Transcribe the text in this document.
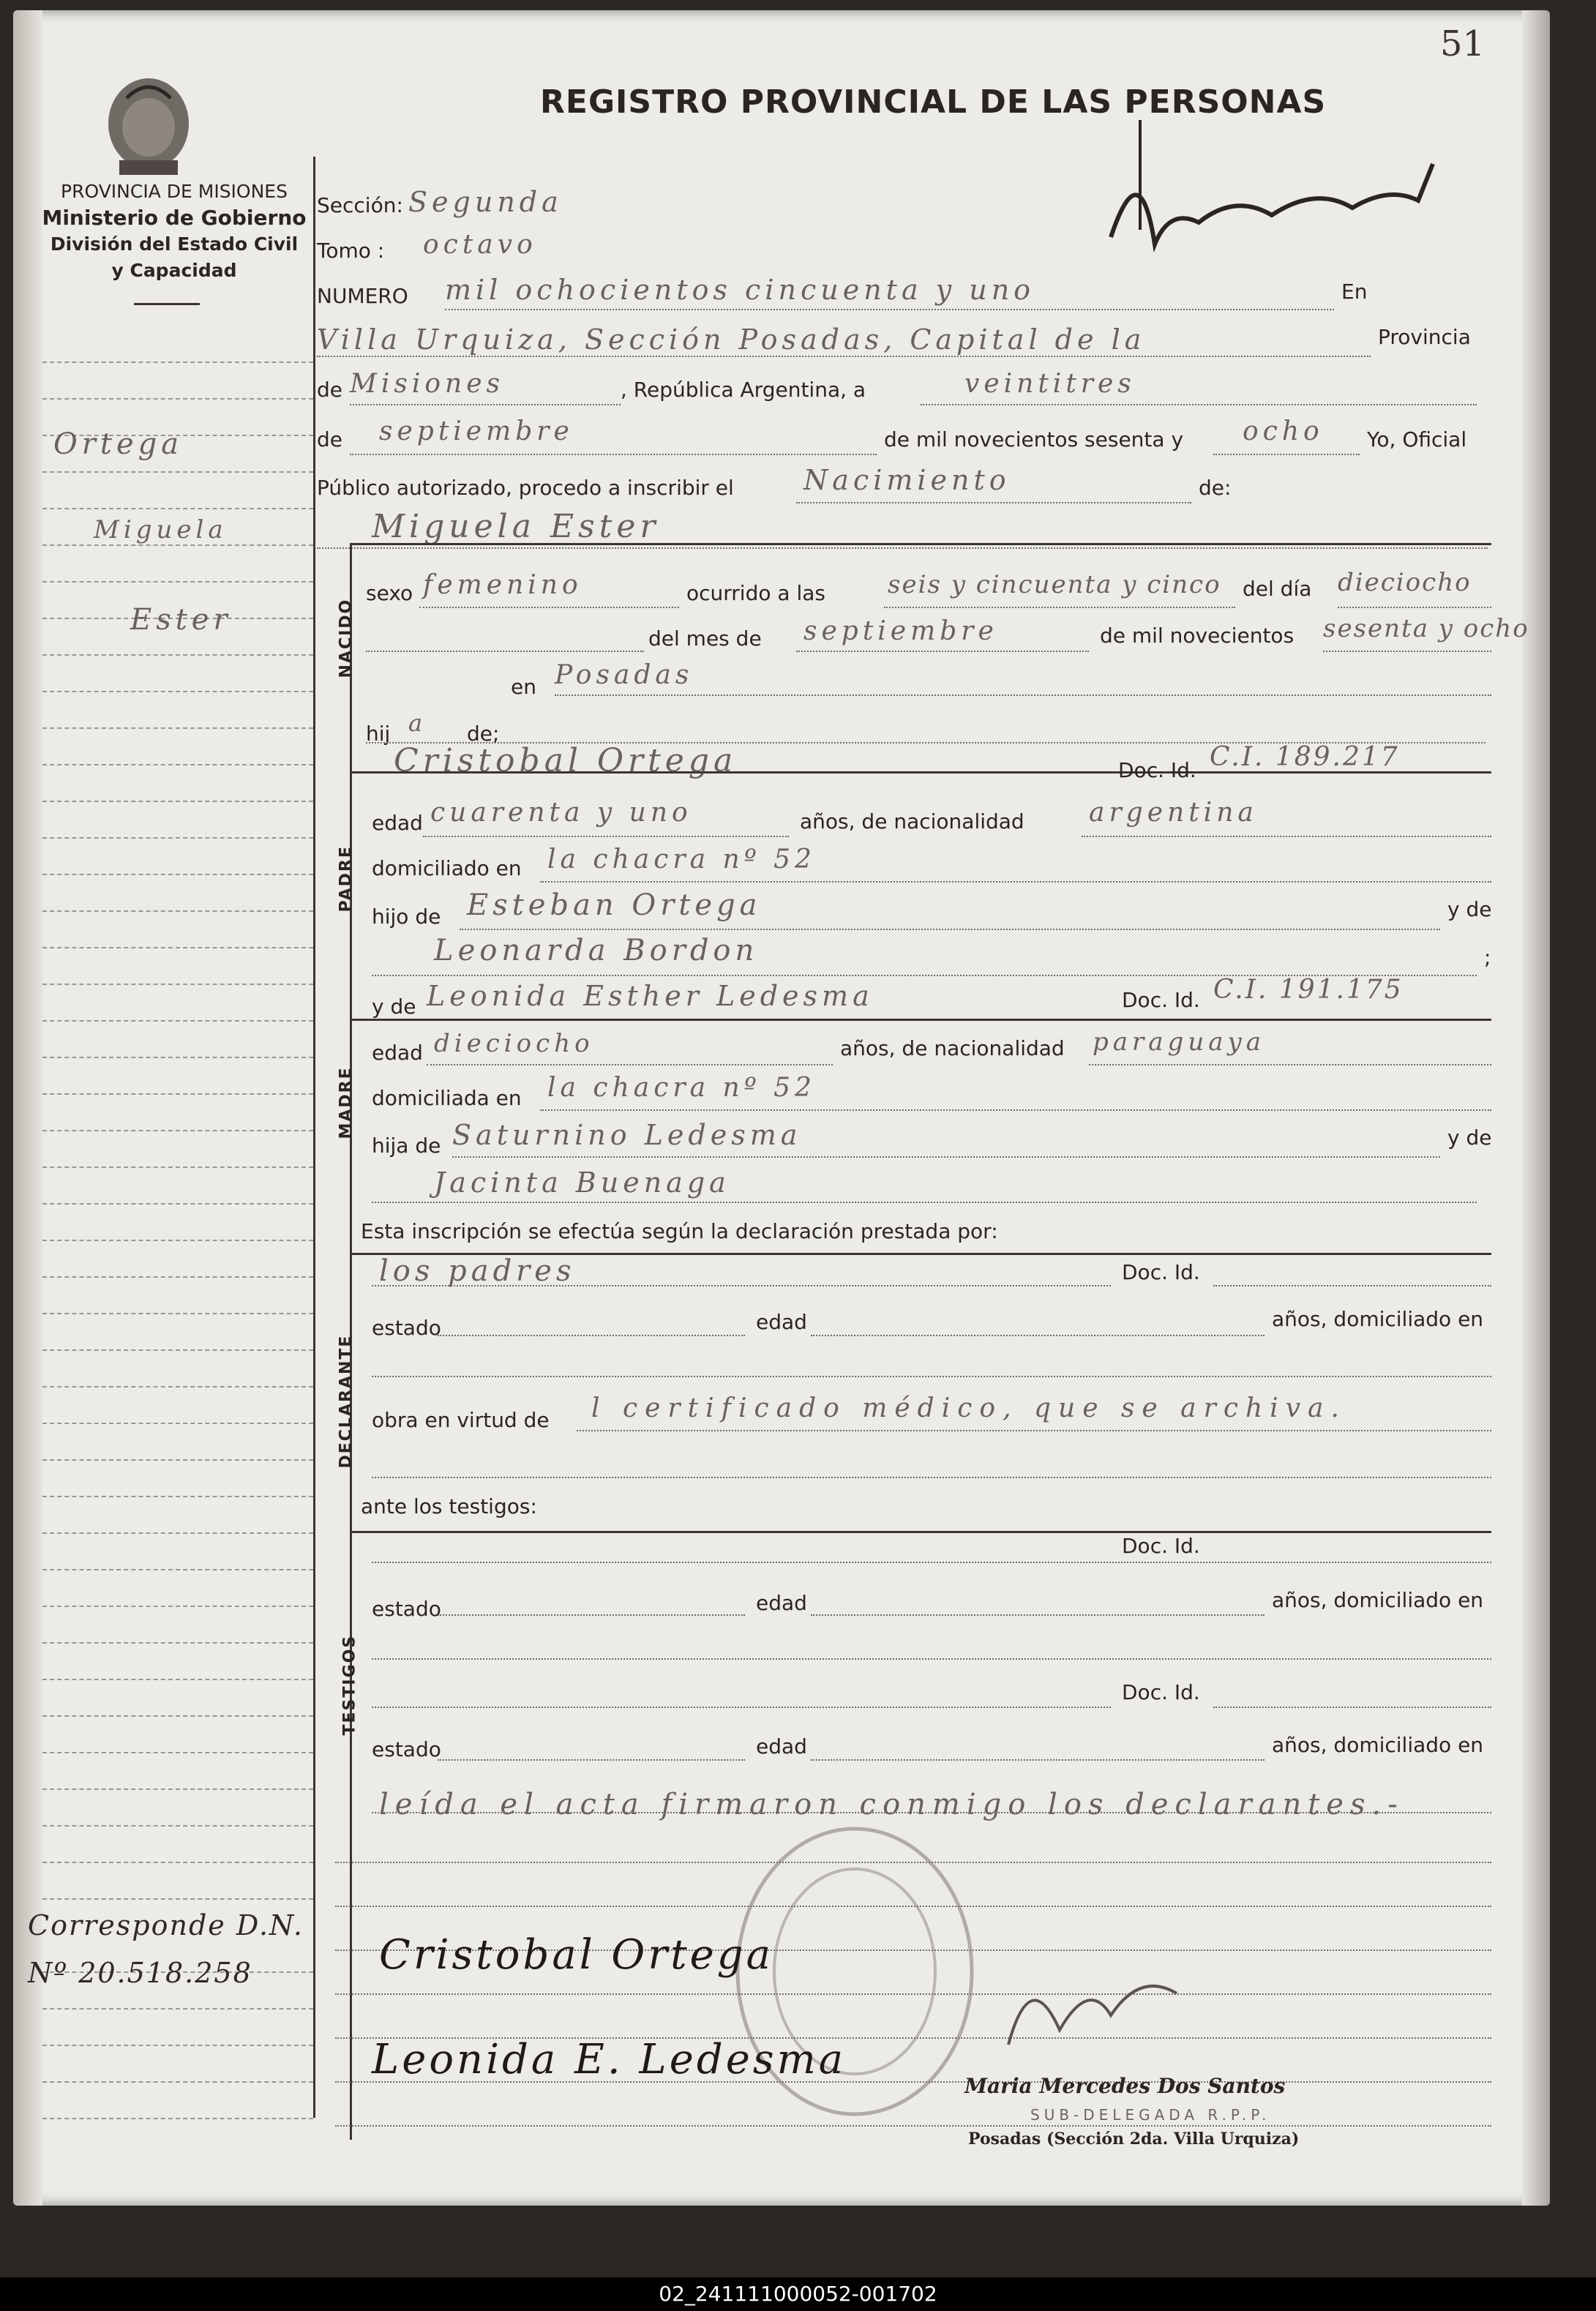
51
PROVINCIA DE MISIONES
Ministerio de Gobierno
División del Estado Civil
y Capacidad
REGISTRO PROVINCIAL DE LAS PERSONAS
Ortega
Miguela
Ester
Corresponde D.N.
Nº 20.518.258
Sección: Segunda
Tomo : octavo
NUMERO mil ochocientos cincuenta y uno	En
Villa Urquiza, Sección Posadas, Capital de la	Provincia
de Misiones	, República Argentina, a	veintitres
de septiembre	de mil novecientos sesenta y ocho Yo, Oficial
Público autorizado, procedo a inscribir el	Nacimiento	de:
Miguela Ester
NACIDO
sexo femenino	ocurrido a las	seis y cincuenta y cinco del día dieciocho
del mes de septiembre	de mil novecientos sesenta y ocho
en Posadas
hij a de;
PADRE
Cristobal Ortega	Doc. Id. C.I. 189.217
edad cuarenta y uno	años, de nacionalidad argentina
domiciliado en la chacra nº 52
hijo de Esteban Ortega	y de
Leonarda Bordon	;
MADRE
y de Leonida Esther Ledesma	Doc. Id. C.I. 191.175
edad dieciocho	años, de nacionalidad paraguaya
domiciliada en la chacra nº 52
hija de Saturnino Ledesma	y de
Jacinta Buenaga
Esta inscripción se efectúa según la declaración prestada por:
DECLARANTE
los padres	Doc. Id.
estado	edad	años, domiciliado en
obra en virtud de l certificado médico, que se archiva.
ante los testigos:
TESTIGOS
Doc. Id.
estado	edad	años, domiciliado en
Doc. Id.
estado	edad	años, domiciliado en
leída el acta firmaron conmigo los declarantes.-
Cristobal Ortega
Leonida E. Ledesma
Maria Mercedes Dos Santos
SUB-DELEGADA R.P.P.
Posadas (Sección 2da. Villa Urquiza)
02_241111000052-001702
